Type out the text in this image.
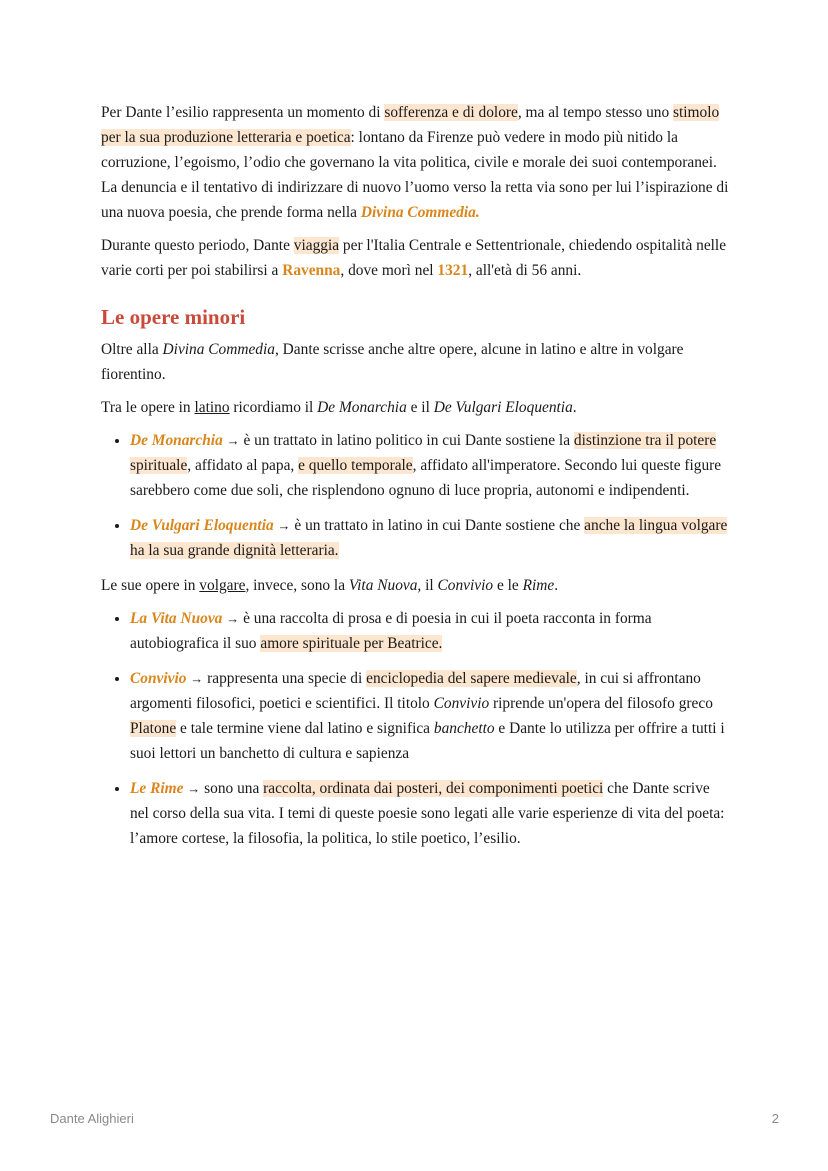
Per Dante l’esilio rappresenta un momento di sofferenza e di dolore, ma al tempo stesso uno stimolo per la sua produzione letteraria e poetica: lontano da Firenze può vedere in modo più nitido la corruzione, l’egoismo, l’odio che governano la vita politica, civile e morale dei suoi contemporanei. La denuncia e il tentativo di indirizzare di nuovo l’uomo verso la retta via sono per lui l’ispirazione di una nuova poesia, che prende forma nella Divina Commedia.

Durante questo periodo, Dante viaggia per l'Italia Centrale e Settentrionale, chiedendo ospitalità nelle varie corti per poi stabilirsi a Ravenna, dove morì nel 1321, all'età di 56 anni.

Le opere minori

Oltre alla Divina Commedia, Dante scrisse anche altre opere, alcune in latino e altre in volgare fiorentino.

Tra le opere in latino ricordiamo il De Monarchia e il De Vulgari Eloquentia.

• De Monarchia → è un trattato in latino politico in cui Dante sostiene la distinzione tra il potere spirituale, affidato al papa, e quello temporale, affidato all'imperatore. Secondo lui queste figure sarebbero come due soli, che risplendono ognuno di luce propria, autonomi e indipendenti.
• De Vulgari Eloquentia → è un trattato in latino in cui Dante sostiene che anche la lingua volgare ha la sua grande dignità letteraria.

Le sue opere in volgare, invece, sono la Vita Nuova, il Convivio e le Rime.

• La Vita Nuova → è una raccolta di prosa e di poesia in cui il poeta racconta in forma autobiografica il suo amore spirituale per Beatrice.
• Convivio → rappresenta una specie di enciclopedia del sapere medievale, in cui si affrontano argomenti filosofici, poetici e scientifici. Il titolo Convivio riprende un'opera del filosofo greco Platone e tale termine viene dal latino e significa banchetto e Dante lo utilizza per offrire a tutti i suoi lettori un banchetto di cultura e sapienza
• Le Rime → sono una raccolta, ordinata dai posteri, dei componimenti poetici che Dante scrive nel corso della sua vita. I temi di queste poesie sono legati alle varie esperienze di vita del poeta: l’amore cortese, la filosofia, la politica, lo stile poetico, l’esilio.
Dante Alighieri	2
